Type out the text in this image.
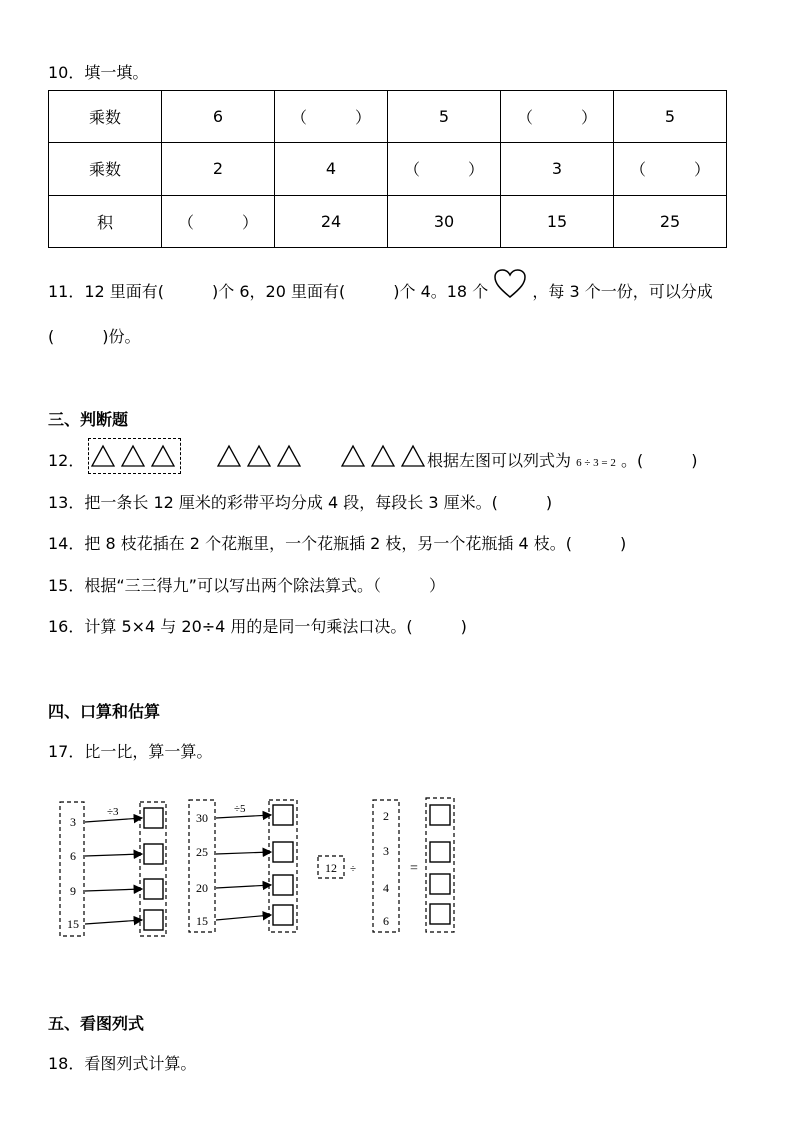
10．填一填。
乘数	6	（　　　）	5	（　　　）	5
乘数	2	4	（　　　）	3	（　　　）
积	（　　　）	24	30	15	25
11．12 里面有(　　　)个 6，20 里面有(　　　)个 4。18 个	，每 3 个一份，可以分成
(　　　)份。
三、判断题
12．	根据左图可以列式为 6 ÷ 3 = 2 。(　　　)
13．把一条长 12 厘米的彩带平均分成 4 段，每段长 3 厘米。(　　　)
14．把 8 枝花插在 2 个花瓶里，一个花瓶插 2 枝，另一个花瓶插 4 枝。(　　　)
15．根据“三三得九”可以写出两个除法算式。（　　　）
16．计算 5×4 与 20÷4 用的是同一句乘法口决。(　　　)
四、口算和估算
17．比一比，算一算。
÷3
3
6
9
15
÷5
30
25
20
15
12 ÷
2
3
4
6
=
五、看图列式
18．看图列式计算。
